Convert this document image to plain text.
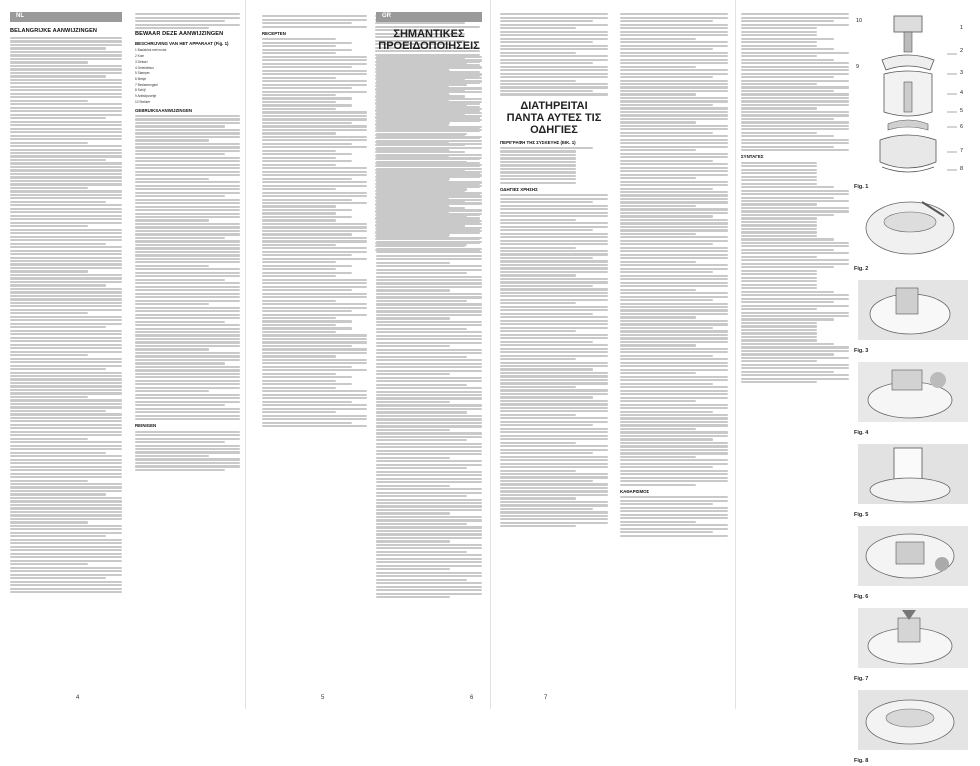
NL
BELANGRIJKE AANWIJZINGEN
BEWAAR DEZE AANWIJZINGEN
BESCHRIJVING VAN HET APPARAAT (Fig. 1)

1 Basisblok met motor

2 Kom

3 Deksel

4 Geleidebus

5 Stamper

6 Mesje

7 Beslamengsel

8 Schijf

9 Antislipvoetje

10 Stekker

GEBRUIKSAANWIJZINGEN
REINIGEN
4
RECEPTEN
5
GR
ΣΗΜΑΝΤΙΚΕΣ ΠΡΟΕΙΔΟΠΟΙΗΣΕΙΣ
6
ΔΙΑΤΗΡΕΙΤΑΙ ΠΑΝΤΑ ΑΥΤΕΣ ΤΙΣ ΟΔΗΓΙΕΣ
ΠΕΡΙΓΡΑΦΗ ΤΗΣ ΣΥΣΚΕΥΗΣ (ΕΙΚ. 1)
ΟΔΗΓΙΕΣ ΧΡΗΣΗΣ
ΚΑΘΑΡΙΣΜΟΣ
7
ΣΥΝΤΑΓΕΣ
10
1
2
3
4
5
6
7
8
9
Fig. 1
Fig. 2
Fig. 3
Fig. 4
Fig. 5
Fig. 6
Fig. 7
Fig. 8
